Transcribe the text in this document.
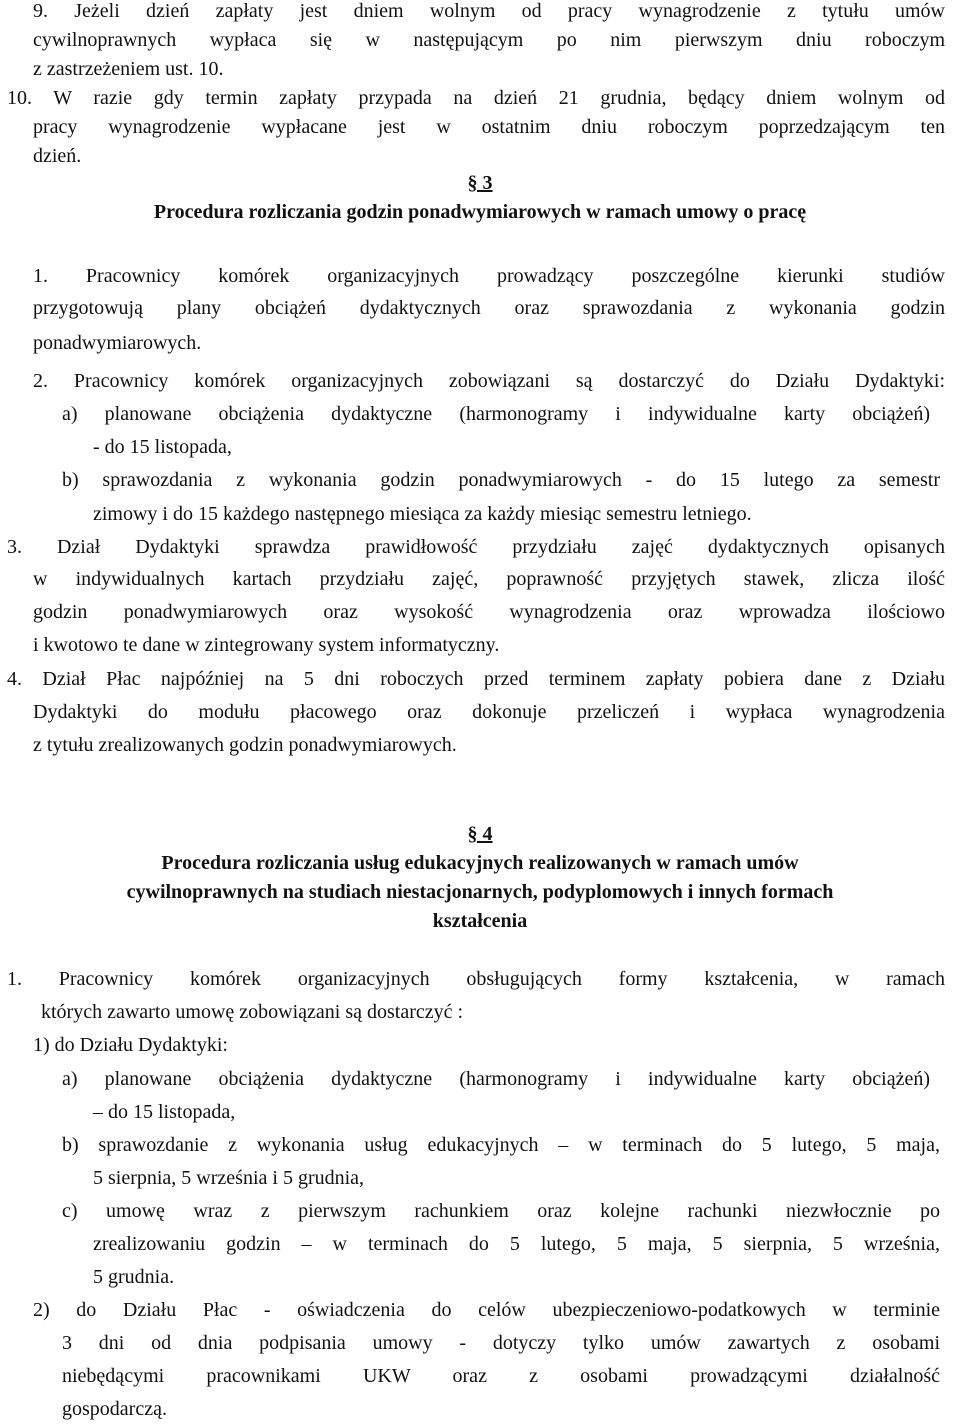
9. Jeżeli dzień zapłaty jest dniem wolnym od pracy wynagrodzenie z tytułu umów
cywilnoprawnych wypłaca się w następującym po nim pierwszym dniu roboczym
z zastrzeżeniem ust. 10.
10. W razie gdy termin zapłaty przypada na dzień 21 grudnia, będący dniem wolnym od
pracy wynagrodzenie wypłacane jest w ostatnim dniu roboczym poprzedzającym ten
dzień.
§ 3
Procedura rozliczania godzin ponadwymiarowych w ramach umowy o pracę
1. Pracownicy komórek organizacyjnych prowadzący poszczególne kierunki studiów
przygotowują plany obciążeń dydaktycznych oraz sprawozdania z wykonania godzin
ponadwymiarowych.
2. Pracownicy komórek organizacyjnych zobowiązani są dostarczyć do Działu Dydaktyki:
a) planowane obciążenia dydaktyczne (harmonogramy i indywidualne karty obciążeń)
- do 15 listopada,
b) sprawozdania z wykonania godzin ponadwymiarowych - do 15 lutego za semestr
zimowy i do 15 każdego następnego miesiąca za każdy miesiąc semestru letniego.
3. Dział Dydaktyki sprawdza prawidłowość przydziału zajęć dydaktycznych opisanych
w indywidualnych kartach przydziału zajęć, poprawność przyjętych stawek, zlicza ilość
godzin ponadwymiarowych oraz wysokość wynagrodzenia oraz wprowadza ilościowo
i kwotowo te dane w zintegrowany system informatyczny.
4. Dział Płac najpóźniej na 5 dni roboczych przed terminem zapłaty pobiera dane z Działu
Dydaktyki do modułu płacowego oraz dokonuje przeliczeń i wypłaca wynagrodzenia
z tytułu zrealizowanych godzin ponadwymiarowych.
§ 4
Procedura rozliczania usług edukacyjnych realizowanych w ramach umów
cywilnoprawnych na studiach niestacjonarnych, podyplomowych i innych formach
kształcenia
1. Pracownicy komórek organizacyjnych obsługujących formy kształcenia, w ramach
których zawarto umowę zobowiązani są dostarczyć :
1) do Działu Dydaktyki:
a) planowane obciążenia dydaktyczne (harmonogramy i indywidualne karty obciążeń)
– do 15 listopada,
b) sprawozdanie z wykonania usług edukacyjnych – w terminach do 5 lutego, 5 maja,
5 sierpnia, 5 września i 5 grudnia,
c) umowę wraz z pierwszym rachunkiem oraz kolejne rachunki niezwłocznie po
zrealizowaniu godzin – w terminach do 5 lutego, 5 maja, 5 sierpnia, 5 września,
5 grudnia.
2) do Działu Płac - oświadczenia do celów ubezpieczeniowo-podatkowych w terminie
3 dni od dnia podpisania umowy - dotyczy tylko umów zawartych z osobami
niebędącymi pracownikami UKW oraz z osobami prowadzącymi działalność
gospodarczą.
